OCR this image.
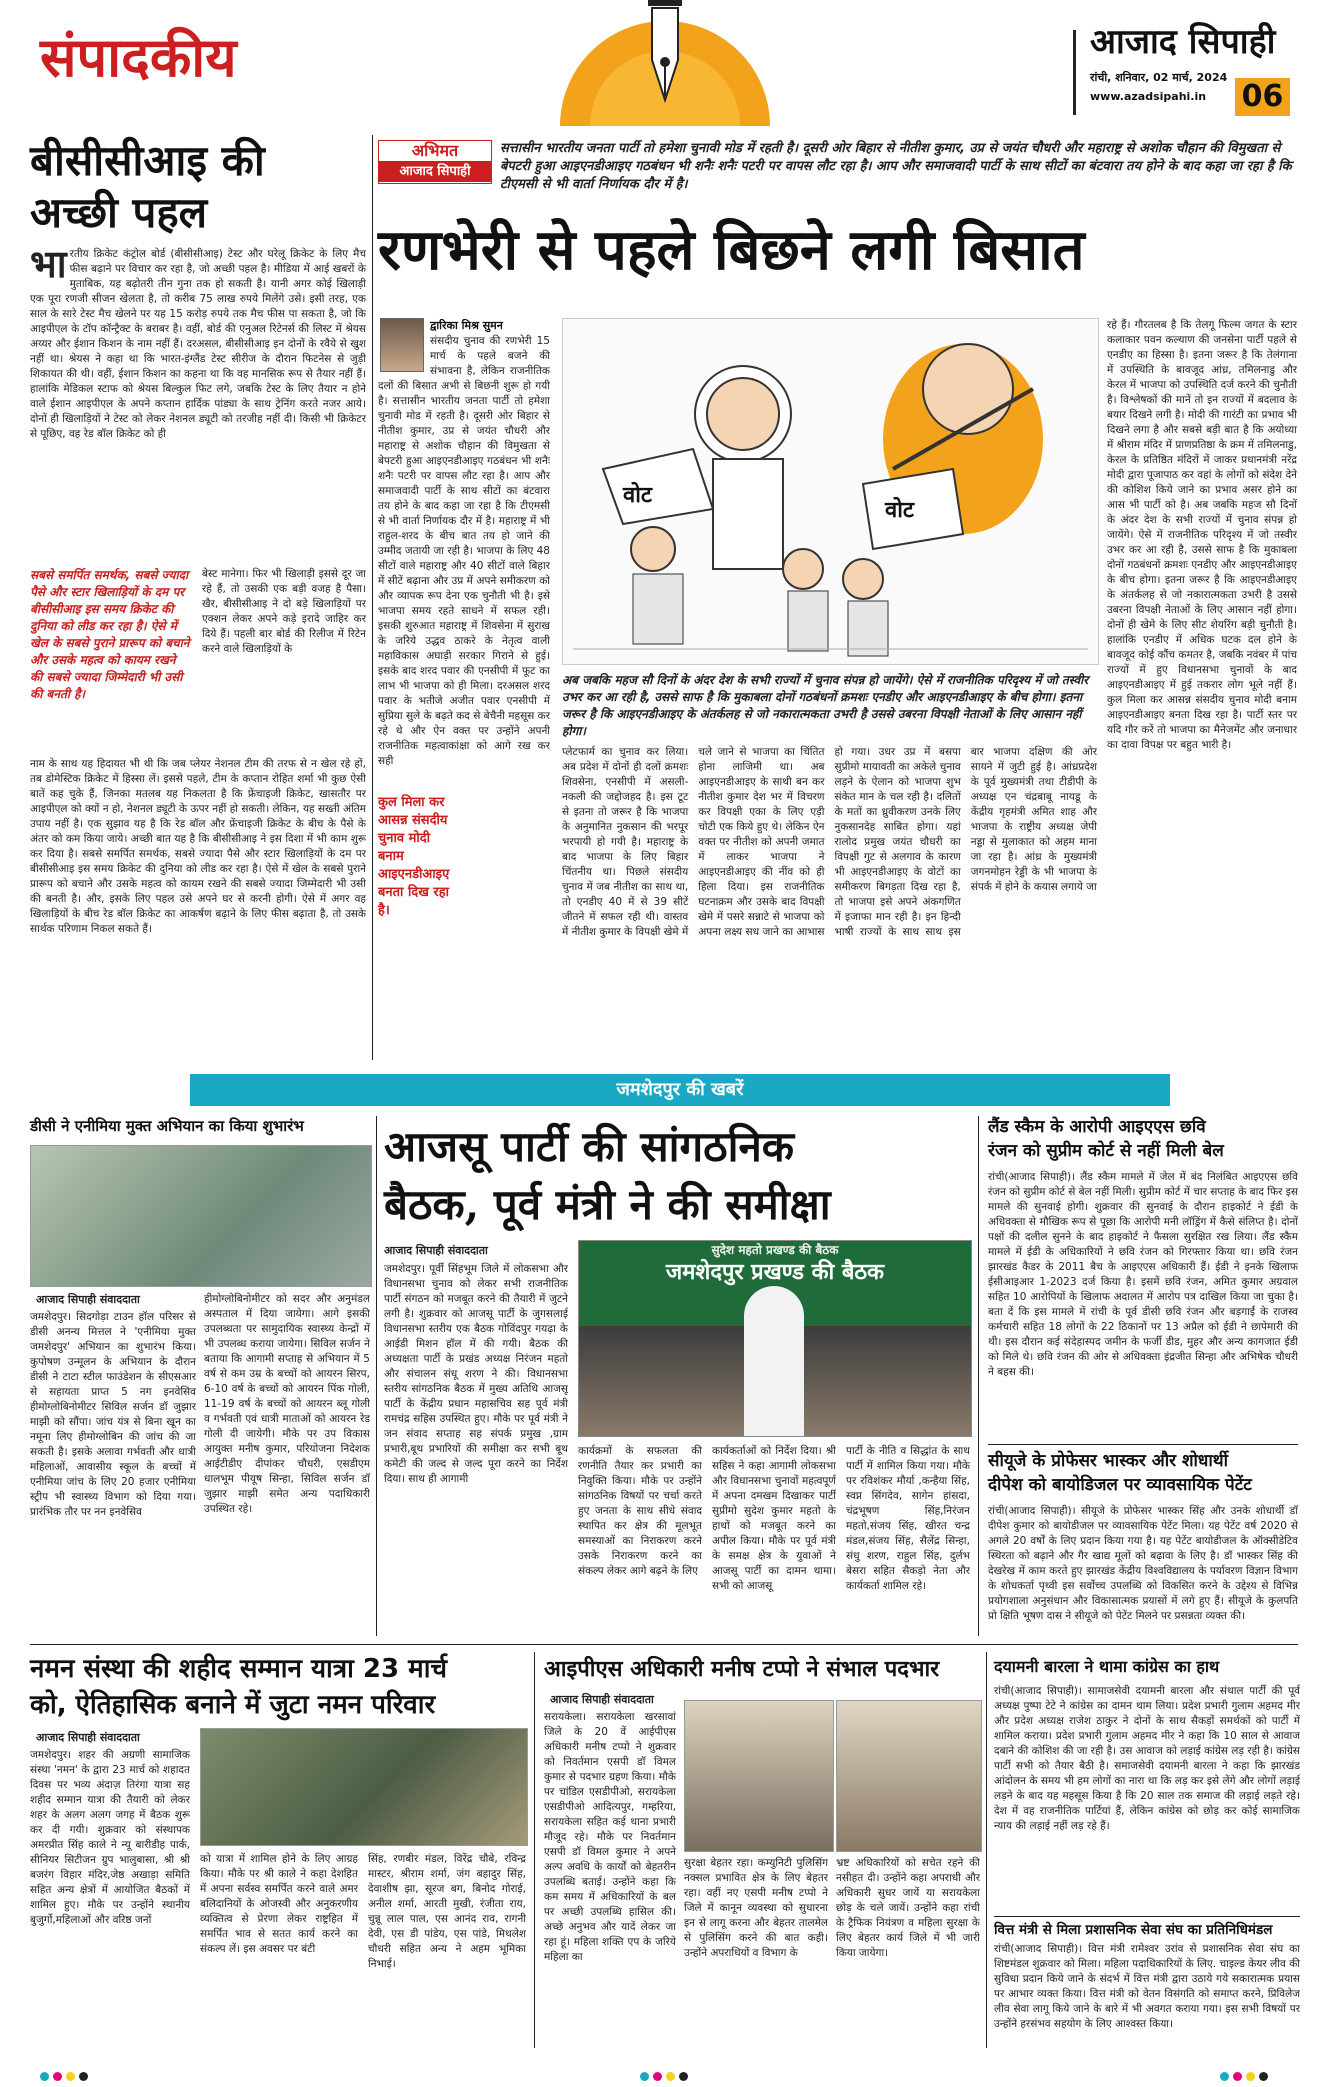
संपादकीय	आजाद सिपाही
रांची, शनिवार, 02 मार्च, 2024
www.azadsipahi.in 06
बीसीसीआइ की
अच्छी पहल
भा रतीय क्रिकेट कंट्रोल बोर्ड (बीसीसीआइ) टेस्ट और घरेलू क्रिकेट के लिए मैच फीस बढ़ाने पर विचार कर रहा है, जो अच्छी पहल है। मीडिया में आई खबरों के मुताबिक, यह बढ़ोतरी तीन गुना तक हो सकती है। यानी अगर कोई खिलाड़ी एक पूरा रणजी सीजन खेलता है, तो करीब 75 लाख रुपये मिलेंगे उसे। इसी तरह, एक साल के सारे टेस्ट मैच खेलने पर यह 15 करोड़ रुपये तक मैच फीस पा सकता है, जो कि आइपीएल के टॉप कॉन्ट्रैक्ट के बराबर है। वहीं, बोर्ड की एनुअल रिटेनर्स की लिस्ट में श्रेयस अय्यर और ईशान किशन के नाम नहीं हैं। दरअसल, बीसीसीआइ इन दोनों के रवैये से खुश नहीं था। श्रेयस ने कहा था कि भारत-इंग्लैंड टेस्ट सीरीज के दौरान फिटनेस से जुड़ी शिकायत की थी। वहीं, ईशान किशन का कहना था कि वह मानसिक रूप से तैयार नहीं हैं। हालांकि मेडिकल स्टाफ को श्रेयस बिल्कुल फिट लगे, जबकि टेस्ट के लिए तैयार न होने वाले ईशान आइपीएल के अपने कप्तान हार्दिक पांड्या के साथ ट्रेनिंग करते नजर आये। दोनों ही खिलाड़ियों ने टेस्ट को लेकर नेशनल ड्यूटी को तरजीह नहीं दी। किसी भी क्रिकेटर से पूछिए, वह रेड बॉल क्रिकेट को ही
सबसे समर्पित समर्थक, सबसे ज्यादा पैसे और स्टार खिलाड़ियों के दम पर बीसीसीआइ इस समय क्रिकेट की दुनिया को लीड कर रहा है। ऐसे में खेल के सबसे पुराने प्रारूप को बचाने और उसके महत्व को कायम रखने की सबसे ज्यादा जिम्मेदारी भी उसी की बनती है।
बेस्ट मानेगा। फिर भी खिलाड़ी इससे दूर जा रहे हैं, तो उसकी एक बड़ी वजह है पैसा। खैर, बीसीसीआइ ने दो बड़े खिलाड़ियों पर एक्शन लेकर अपने कड़े इरादे जाहिर कर दिये हैं। पहली बार बोर्ड की रिलीज में रिटेन करने वाले खिलाड़ियों के
नाम के साथ यह हिदायत भी थी कि जब प्लेयर नेशनल टीम की तरफ से न खेल रहे हों, तब डोमेस्टिक क्रिकेट में हिस्सा लें। इससे पहले, टीम के कप्तान रोहित शर्मा भी कुछ ऐसी बातें कह चुके हैं, जिनका मतलब यह निकलता है कि फ्रेंचाइजी क्रिकेट, खासतौर पर आइपीएल को क्यों न हो, नेशनल ड्यूटी के ऊपर नहीं हो सकती। लेकिन, यह सख्ती अंतिम उपाय नहीं है। एक सुझाव यह है कि रेड बॉल और फ्रेंचाइजी क्रिकेट के बीच के पैसे के अंतर को कम किया जाये। अच्छी बात यह है कि बीसीसीआइ ने इस दिशा में भी काम शुरू कर दिया है। सबसे समर्पित समर्थक, सबसे ज्यादा पैसे और स्टार खिलाड़ियों के दम पर बीसीसीआइ इस समय क्रिकेट की दुनिया को लीड कर रहा है। ऐसे में खेल के सबसे पुराने प्रारूप को बचाने और उसके महत्व को कायम रखने की सबसे ज्यादा जिम्मेदारी भी उसी की बनती है। और, इसके लिए पहल उसे अपने घर से करनी होगी। ऐसे में अगर वह खिलाड़ियों के बीच रेड बॉल क्रिकेट का आकर्षण बढ़ाने के लिए फीस बढ़ाता है, तो उसके सार्थक परिणाम निकल सकते हैं।
अभिमत
आजाद सिपाही
सत्तासीन भारतीय जनता पार्टी तो हमेशा चुनावी मोड में रहती है। दूसरी ओर बिहार से नीतीश कुमार, उप्र से जयंत चौधरी और महाराष्ट्र से अशोक चौहान की विमुखता से बेपटरी हुआ आइएनडीआइए गठबंधन भी शनैः शनैः पटरी पर वापस लौट रहा है। आप और समाजवादी पार्टी के साथ सीटों का बंटवारा तय होने के बाद कहा जा रहा है कि टीएमसी से भी वार्ता निर्णायक दौर में है।
रणभेरी से पहले बिछने लगी बिसात
द्वारिका मिश्र सुमन
संसदीय चुनाव की रणभेरी 15 मार्च के पहले बजने की संभावना है, लेकिन राजनीतिक दलों की बिसात अभी से बिछनी शुरू हो गयी है। सत्तासीन भारतीय जनता पार्टी तो हमेशा चुनावी मोड में रहती है। दूसरी ओर बिहार से नीतीश कुमार, उप्र से जयंत चौधरी और महाराष्ट्र से अशोक चौहान की विमुखता से बेपटरी हुआ आइएनडीआइए गठबंधन भी शनैः शनैः पटरी पर वापस लौट रहा है। आप और समाजवादी पार्टी के साथ सीटों का बंटवारा तय होने के बाद कहा जा रहा है कि टीएमसी से भी वार्ता निर्णायक दौर में है। महाराष्ट्र में भी राहुल-शरद के बीच बात तय हो जाने की उम्मीद जतायी जा रही है। भाजपा के लिए 48 सीटों वाले महाराष्ट्र और 40 सीटों वाले बिहार में सीटें बढ़ाना और उप्र में अपने समीकरण को और व्यापक रूप देना एक चुनौती भी है। इसे भाजपा समय रहते साधने में सफल रही। इसकी शुरुआत महाराष्ट्र में शिवसेना में सुराख के जरिये उद्धव ठाकरे के नेतृत्व वाली महाविकास अघाड़ी सरकार गिराने से हुई। इसके बाद शरद पवार की एनसीपी में फूट का लाभ भी भाजपा को ही मिला। दरअसल शरद पवार के भतीजे अजीत पवार एनसीपी में सुप्रिया सुले के बढ़ते कद से बेचैनी महसूस कर रहे थे और ऐन वक्त पर उन्होंने अपनी राजनीतिक महत्वाकांक्षा को आगे रख कर सही
कुल मिला कर आसन्न संसदीय चुनाव मोदी बनाम आइएनडीआइए बनता दिख रहा है।
वोट
वोट
अब जबकि महज सौ दिनों के अंदर देश के सभी राज्यों में चुनाव संपन्न हो जायेंगे। ऐसे में राजनीतिक परिदृश्य में जो तस्वीर उभर कर आ रही है, उससे साफ है कि मुकाबला दोनों गठबंधनों क्रमशः एनडीए और आइएनडीआइए के बीच होगा। इतना जरूर है कि आइएनडीआइए के अंतर्कलह से जो नकारात्मकता उभरी है उससे उबरना विपक्षी नेताओं के लिए आसान नहीं होगा।
रहे हैं। गौरतलब है कि तेलगू फिल्म जगत के स्टार कलाकार पवन कल्याण की जनसेना पार्टी पहले से एनडीए का हिस्सा है। इतना जरूर है कि तेलंगाना में उपस्थिति के बावजूद आंध्र, तमिलनाडु और केरल में भाजपा को उपस्थिति दर्ज करने की चुनौती है। विश्लेषकों की मानें तो इन राज्यों में बदलाव के बयार दिखने लगी है। मोदी की गारंटी का प्रभाव भी दिखने लगा है और सबसे बड़ी बात है कि अयोध्या में श्रीराम मंदिर में प्राणप्रतिष्ठा के क्रम में तमिलनाडु, केरल के प्रतिष्ठित मंदिरों में जाकर प्रधानमंत्री नरेंद्र मोदी द्वारा पूजापाठ कर वहां के लोगों को संदेश देने की कोशिश किये जाने का प्रभाव असर होने का आस भी पार्टी को है। अब जबकि महज सौ दिनों के अंदर देश के सभी राज्यों में चुनाव संपन्न हो जायेंगे। ऐसे में राजनीतिक परिदृश्य में जो तस्वीर उभर कर आ रही है, उससे साफ है कि मुकाबला दोनों गठबंधनों क्रमशः एनडीए और आइएनडीआइए के बीच होगा। इतना जरूर है कि आइएनडीआइए के अंतर्कलह से जो नकारात्मकता उभरी है उससे उबरना विपक्षी नेताओं के लिए आसान नहीं होगा। दोनों ही खेमे के लिए सीट शेयरिंग बड़ी चुनौती है। हालांकि एनडीए में अधिक घटक दल होने के बावजूद कोई कौंच कमतर है, जबकि नवंबर में पांच राज्यों में हुए विधानसभा चुनावों के बाद आइएनडीआइए में हुई तकरार लोग भूले नहीं हैं। कुल मिला कर आसन्न संसदीय चुनाव मोदी बनाम आइएनडीआइए बनता दिख रहा है। पार्टी स्तर पर यदि गौर करें तो भाजपा का मैनेजमेंट और जनाधार का दावा विपक्ष पर बहुत भारी है।
प्लेटफार्म का चुनाव कर लिया। अब प्रदेश में दोनों ही दलों क्रमशः शिवसेना, एनसीपी में असली-नकली की जद्दोजहद है। इस टूट से इतना तो जरूर है कि भाजपा के अनुमानित नुकसान की भरपूर भरपायी हो गयी है। महाराष्ट्र के बाद भाजपा के लिए बिहार चिंतनीय था। पिछले संसदीय चुनाव में जब नीतीश का साथ था, तो एनडीए 40 में से 39 सीटें जीतने में सफल रही थी। वास्तव में नीतीश कुमार के विपक्षी खेमे में चले जाने से भाजपा का चिंतित होना लाजिमी था। अब आइएनडीआइए के साथी बन कर नीतीश कुमार देश भर में विचरण कर विपक्षी एका के लिए एड़ी चोटी एक किये हुए थे। लेकिन ऐन वक्त पर नीतीश को अपनी जमात में लाकर भाजपा ने आइएनडीआइए की नींव को ही हिला दिया। इस राजनीतिक घटनाक्रम और उसके बाद विपक्षी खेमे में पसरे सन्नाटे से भाजपा को अपना लक्ष्य सध जाने का आभास हो गया। उधर उप्र में बसपा सुप्रीमो मायावती का अकेले चुनाव लड़ने के ऐलान को भाजपा शुभ संकेत मान के चल रही है। दलितों के मतों का ध्रुवीकरण उनके लिए नुकसानदेह साबित होगा। यहां रालोद प्रमुख जयंत चौधरी का विपक्षी गुट से अलगाव के कारण भी आइएनडीआइए के वोटों का समीकरण बिगड़ता दिख रहा है, तो भाजपा इसे अपने अंकगणित में इजाफा मान रही है। इन हिन्दी भाषी राज्यों के साथ साथ इस बार भाजपा दक्षिण की ओर सायने में जुटी हुई है। आंध्रप्रदेश के पूर्व मुख्यमंत्री तथा टीडीपी के अध्यक्ष एन चंद्रबाबू नायडू के केंद्रीय गृहमंत्री अमित शाह और भाजपा के राष्ट्रीय अध्यक्ष जेपी नड्डा से मुलाकात को अहम माना जा रहा है। आंध्र के मुख्यमंत्री जगनमोहन रेड्डी के भी भाजपा के संपर्क में होने के कयास लगाये जा
जमशेदपुर की खबरें
डीसी ने एनीमिया मुक्त अभियान का किया शुभारंभ
आजाद सिपाही संवाददाता
जमशेदपुर। सिदगोड़ा टाउन हॉल परिसर से डीसी अनन्य मित्तल ने 'एनीमिया मुक्त जमशेदपुर' अभियान का शुभारंभ किया। कुपोषण उन्मूलन के अभियान के दौरान डीसी ने टाटा स्टील फाउंडेशन के सीएसआर से सहायता प्राप्त 5 नग इनवेसिव हीमोग्लोबिनोमीटर सिविल सर्जन डॉ जुझार माझी को सौंपा। जांच यंत्र से बिना खून का नमूना लिए हीमोग्लोबिन की जांच की जा सकती है। इसके अलावा गर्भवती और धात्री महिलाओं, आवासीय स्कूल के बच्चों में एनीमिया जांच के लिए 20 हजार एनीमिया स्ट्रीप भी स्वास्थ्य विभाग को दिया गया। प्रारंभिक तौर पर नन इनवेसिव
हीमोग्लोबिनोमीटर को सदर और अनुमंडल अस्पताल में दिया जायेगा। आगे इसकी उपलब्धता पर सामुदायिक स्वास्थ्य केन्द्रों में भी उपलब्ध कराया जायेगा। सिविल सर्जन ने बताया कि आगामी सप्ताह से अभियान में 5 वर्ष से कम उम्र के बच्चों को आयरन सिरप, 6-10 वर्ष के बच्चों को आयरन पिंक गोली, 11-19 वर्ष के बच्चों को आयरन ब्लू गोली व गर्भवती एवं धात्री माताओं को आयरन रेड गोली दी जायेगी। मौके पर उप विकास आयुक्त मनीष कुमार, परियोजना निदेशक आईटीडीए दीपांकर चौधरी, एसडीएम धालभूम पीयूष सिन्हा, सिविल सर्जन डॉ जुझार माझी समेत अन्य पदाधिकारी उपस्थित रहे।
आजसू पार्टी की सांगठनिक
बैठक, पूर्व मंत्री ने की समीक्षा
आजाद सिपाही संवाददाता
जमशेदपुर। पूर्वी सिंहभूम जिले में लोकसभा और विधानसभा चुनाव को लेकर सभी राजनीतिक पार्टी संगठन को मजबूत करने की तैयारी में जुटने लगी है। शुक्रवार को आजसू पार्टी के जुगसलाई विधानसभा स्तरीय एक बैठक गोविंदपुर गयढ़ा के आईडी मिशन हॉल में की गयी। बैठक की अध्यक्षता पार्टी के प्रखंड अध्यक्ष निरंजन महतो और संचालन संधू शरण ने की। विधानसभा स्तरीय सांगठनिक बैठक में मुख्य अतिथि आजसू पार्टी के केंद्रीय प्रधान महासचिव सह पूर्व मंत्री रामचंद्र सहिस उपस्थित हुए। मौके पर पूर्व मंत्री ने जन संवाद सप्ताह सह संपर्क प्रमुख ,ग्राम प्रभारी,बूथ प्रभारियों की समीक्षा कर सभी बूथ कमेटी की जल्द से जल्द पूरा करने का निर्देश दिया। साथ ही आगामी
सुदेश महतो प्रखण्ड की बैठक
जमशेदपुर प्रखण्ड की बैठक
कार्यक्रमों के सफलता की रणनीति तैयार कर प्रभारी का निवुक्ति किया। मौके पर उन्होंने सांगठनिक विषयों पर चर्चा करते हुए जनता के साथ सीधे संवाद स्थापित कर क्षेत्र की मूलभूत समस्याओं का निराकरण करने उसके निराकरण करने का संकल्प लेकर आगे बढ़ने के लिए
कार्यकर्ताओं को निर्देश दिया। श्री सहिस ने कहा आगामी लोकसभा और विधानसभा चुनावों महत्वपूर्ण में अपना दमखम दिखाकर पार्टी सुप्रीमो सुदेश कुमार महतो के हाथों को मजबूत करने का अपील किया। मौके पर पूर्व मंत्री के समक्ष क्षेत्र के युवाओं ने आजसू पार्टी का दामन थामा। सभी को आजसू
पार्टी के नीति व सिद्धांत के साथ पार्टी में शामिल किया गया। मौके पर रविशंकर मौर्या ,कन्हैया सिंह, स्वप्न सिंगदेव, सागेन हांसदा, चंद्रभूषण सिंह,निरंजन महतो,संजय सिंह, खीरत चन्द्र मंडल,संजय सिंह, सैलेंद्र सिन्हा, संधु शरण, राहुल सिंह, दुर्लभ बेसरा सहित सैकड़ो नेता और कार्यकर्ता शामिल रहे।
लैंड स्कैम के आरोपी आइएएस छवि
रंजन को सुप्रीम कोर्ट से नहीं मिली बेल
रांची(आजाद सिपाही)। लैंड स्कैम मामले में जेल में बंद निलंबित आइएएस छवि रंजन को सुप्रीम कोर्ट से बेल नहीं मिली। सुप्रीम कोर्ट में चार सप्ताह के बाद फिर इस मामले की सुनवाई होगी। शुक्रवार की सुनवाई के दौरान हाइकोर्ट ने ईडी के अधिवक्ता से मौखिक रूप से पूछा कि आरोपी मनी लॉड्रिंग में कैसे संलिप्त है। दोनों पक्षों की दलील सुनने के बाद हाइकोर्ट ने फैसला सुरक्षित रख लिया। लैंड स्कैम मामले में ईडी के अधिकारियों ने छवि रंजन को गिरफ्तार किया था। छवि रंजन झारखंड कैडर के 2011 बैच के आइएएस अधिकारी हैं। ईडी ने इनके खिलाफ ईसीआइआर 1-2023 दर्ज किया है। इसमें छवि रंजन, अमित कुमार अग्रवाल सहित 10 आरोपियों के खिलाफ अदालत में आरोप पत्र दाखिल किया जा चुका है। बता दें कि इस मामले में रांची के पूर्व डीसी छवि रंजन और बड़गाईं के राजस्व कर्मचारी सहित 18 लोगों के 22 ठिकानों पर 13 अप्रैल को ईडी ने छापेमारी की थी। इस दौरान कई संदेहास्पद जमीन के फर्जी डीड, मुहर और अन्य कागजात ईडी को मिले थे। छवि रंजन की ओर से अधिवक्ता इंद्रजीत सिन्हा और अभिषेक चौधरी ने बहस की।
सीयूजे के प्रोफेसर भास्कर और शोधार्थी
दीपेश को बायोडिजल पर व्यावसायिक पेटेंट
रांची(आजाद सिपाही)। सीयूजे के प्रोफेसर भास्कर सिंह और उनके शोधार्थी डॉ दीपेश कुमार को बायोडीजल पर व्यावसायिक पेटेंट मिला। यह पेटेंट वर्ष 2020 से अगले 20 वर्षों के लिए प्रदान किया गया है। यह पेटेंट बायोडीजल के ऑक्सीडेटिव स्थिरता को बढ़ाने और गैर खाद्य मूलों को बढ़ावा के लिए है। डॉ भास्कर सिंह की देखरेख में काम करते हुए झारखंड केंद्रीय विश्वविद्यालय के पर्यावरण विज्ञान विभाग के शोधकर्ता पृथ्वी इस सर्वोच्च उपलब्धि को विकसित करने के उद्देश्य से विभिन्न प्रयोगशाला अनुसंधान और विकासात्मक प्रयासों में लगे हुए हैं। सीयूजे के कुलपति प्रो क्षिति भूषण दास ने सीयूजे को पेटेंट मिलने पर प्रसन्नता व्यक्त की।
नमन संस्था की शहीद सम्मान यात्रा 23 मार्च
को, ऐतिहासिक बनाने में जुटा नमन परिवार
आजाद सिपाही संवाददाता
जमशेदपुर। शहर की अग्रणी सामाजिक संस्था 'नमन' के द्वारा 23 मार्च को शहादत दिवस पर भव्य अंदाज़ तिरंगा यात्रा सह शहीद सम्मान यात्रा की तैयारी को लेकर शहर के अलग अलग जगह में बैठक शुरू कर दी गयी। शुक्रवार को संस्थापक अमरप्रीत सिंह काले ने न्यू बारीडीह पार्क, सीनियर सिटीजन ग्रुप भालुबासा, श्री श्री बजरंग विहार मंदिर,जेष्ठ अखाड़ा समिति सहित अन्य क्षेत्रों में आयोजित बैठकों में शामिल हुए। मौके पर उन्होंने स्थानीय बुजुर्गो,महिलाओं और वरिष्ठ जनों
को यात्रा में शामिल होने के लिए आग्रह किया। मौके पर श्री काले ने कहा देशहित में अपना सर्वस्व समर्पित करने वाले अमर बलिदानियों के ओजस्वी और अनुकरणीय व्यक्तित्व से प्रेरणा लेकर राष्ट्रहित में समर्पित भाव से सतत कार्य करने का संकल्प लें। इस अवसर पर बंटी
सिंह, रणबीर मंडल, विरेंद्र चौबे, रविन्द्र मास्टर, श्रीराम शर्मा, जंग बहादुर सिंह, देवाशीष झा, सूरज बग, बिनोद गोराई, अनील शर्मा, आरती मुखी, रंजीता राय, चुन्नू लाल पाल, एस आनंद राव, रागनी देवी, एस डी पांडेय, एस पांडे, मिथलेश चौधरी सहित अन्य ने अहम भूमिका निभाई।
आइपीएस अधिकारी मनीष टप्पो ने संभाल पदभार
आजाद सिपाही संवाददाता
सरायकेला। सरायकेला खरसावां जिले के 20 वें आईपीएस अधिकारी मनीष टप्पो ने शुक्रवार को निवर्तमान एसपी डॉ विमल कुमार से पदभार ग्रहण किया। मौके पर चांडिल एसडीपीओ, सरायकेला एसडीपीओ आदित्यपुर, गम्हरिया, सरायकेला सहित कई थाना प्रभारी मौजूद रहे। मौके पर निवर्तमान एसपी डॉ विमल कुमार ने अपने अल्प अवधि के कार्यों को बेहतरीन उपलब्धि बताई। उन्होंने कहा कि कम समय में अधिकारियों के बल पर अच्छी उपलब्धि हासिल की। अच्छे अनुभव और यादें लेकर जा रहा हूं। महिला शक्ति एप के जरिये महिला का
सुरक्षा बेहतर रहा। कम्युनिटी पुलिसिंग नक्सल प्रभावित क्षेत्र के लिए बेहतर रहा। वहीं नए एसपी मनीष टप्पो ने जिले में कानून व्यवस्था को सुधारना इन से लागू करना और बेहतर तालमेल से पुलिसिंग करने की बात कही। उन्होंने अपराधियों व विभाग के
भ्रष्ट अधिकारियों को सचेत रहने की नसीहत दी। उन्होंने कहा अपराधी और अधिकारी सुधर जायें या सरायकेला छोड़ के चले जायें। उन्होंने कहा रांची के ट्रैफिक नियंत्रण व महिला सुरक्षा के लिए बेहतर कार्य जिले में भी जारी किया जायेगा।
दयामनी बारला ने थामा कांग्रेस का हाथ
रांची(आजाद सिपाही)। सामाजसेवी दयामनी बारला और संथाल पार्टी की पूर्व अध्यक्ष पुष्पा टेटे ने कांग्रेस का दामन थाम लिया। प्रदेश प्रभारी गुलाम अहमद मीर और प्रदेश अध्यक्ष राजेश ठाकुर ने दोनों के साथ सैकड़ों समर्थकों को पार्टी में शामिल कराया। प्रदेश प्रभारी गुलाम अहमद मीर ने कहा कि 10 साल से आवाज दबाने की कोशिश की जा रही है। उस आवाज को लड़ाई कांग्रेस लड़ रही है। कांग्रेस पार्टी सभी को तैयार बैठी है। समाजसेवी दयामनी बारला ने कहा कि झारखंड आंदोलन के समय भी हम लोगों का नारा था कि लड़ कर इसे लेंगे और लोगों लड़ाई लड़ने के बाद यह महसूस किया है कि 20 साल तक समाज की लड़ाई लड़ते रहे। देश में वह राजनीतिक पार्टियां हैं, लेकिन कांग्रेस को छोड़ कर कोई सामाजिक न्याय की लड़ाई नहीं लड़ रहे हैं।
वित्त मंत्री से मिला प्रशासनिक सेवा संघ का प्रतिनिधिमंडल
रांची(आजाद सिपाही)। वित्त मंत्री रामेश्वर उरांव से प्रशासनिक सेवा संघ का शिष्टमंडल शुक्रवार को मिला। महिला पदाधिकारियों के लिए. चाइल्ड केयर लीव की सुविधा प्रदान किये जाने के संदर्भ में वित्त मंत्री द्वारा उठाये गये सकारात्मक प्रयास पर आभार व्यक्त किया। वित्त मंत्री को वेतन विसंगति को समाप्त करने, प्रिविलेज लीव सेवा लागू किये जाने के बारे में भी अवगत कराया गया। इस सभी विषयों पर उन्होंने हरसंभव सहयोग के लिए आश्वस्त किया।
